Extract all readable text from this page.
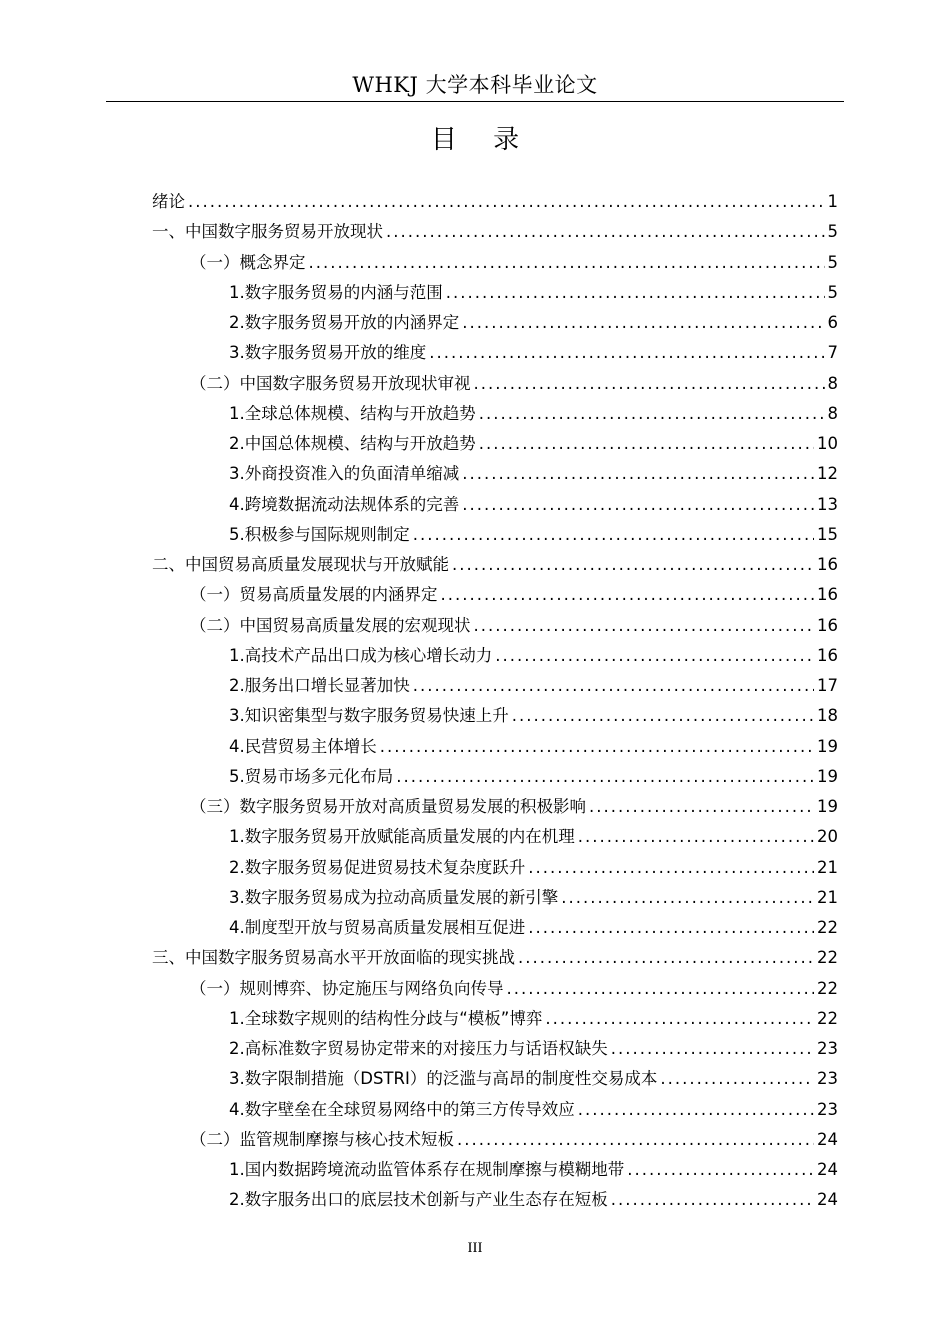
WHKJ 大学本科毕业论文
目 录
绪论 .....	1
一、中国数字服务贸易开放现状 .....	5
（一）概念界定 .....	5
1.数字服务贸易的内涵与范围 .....	5
2.数字服务贸易开放的内涵界定 .....	6
3.数字服务贸易开放的维度 .....	7
（二）中国数字服务贸易开放现状审视 .....	8
1.全球总体规模、结构与开放趋势 .....	8
2.中国总体规模、结构与开放趋势 .....	10
3.外商投资准入的负面清单缩减 .....	12
4.跨境数据流动法规体系的完善 .....	13
5.积极参与国际规则制定 .....	15
二、中国贸易高质量发展现状与开放赋能 .....	16
（一）贸易高质量发展的内涵界定 .....	16
（二）中国贸易高质量发展的宏观现状 .....	16
1.高技术产品出口成为核心增长动力 .....	16
2.服务出口增长显著加快 .....	17
3.知识密集型与数字服务贸易快速上升 .....	18
4.民营贸易主体增长 .....	19
5.贸易市场多元化布局 .....	19
（三）数字服务贸易开放对高质量贸易发展的积极影响 .....	19
1.数字服务贸易开放赋能高质量发展的内在机理 .....	20
2.数字服务贸易促进贸易技术复杂度跃升 .....	21
3.数字服务贸易成为拉动高质量发展的新引擎 .....	21
4.制度型开放与贸易高质量发展相互促进 .....	22
三、中国数字服务贸易高水平开放面临的现实挑战 .....	22
（一）规则博弈、协定施压与网络负向传导 .....	22
1.全球数字规则的结构性分歧与“模板”博弈 .....	22
2.高标准数字贸易协定带来的对接压力与话语权缺失 .....	23
3.数字限制措施（DSTRI）的泛滥与高昂的制度性交易成本 .....	23
4.数字壁垒在全球贸易网络中的第三方传导效应 .....	23
（二）监管规制摩擦与核心技术短板 .....	24
1.国内数据跨境流动监管体系存在规制摩擦与模糊地带 .....	24
2.数字服务出口的底层技术创新与产业生态存在短板 .....	24
III
